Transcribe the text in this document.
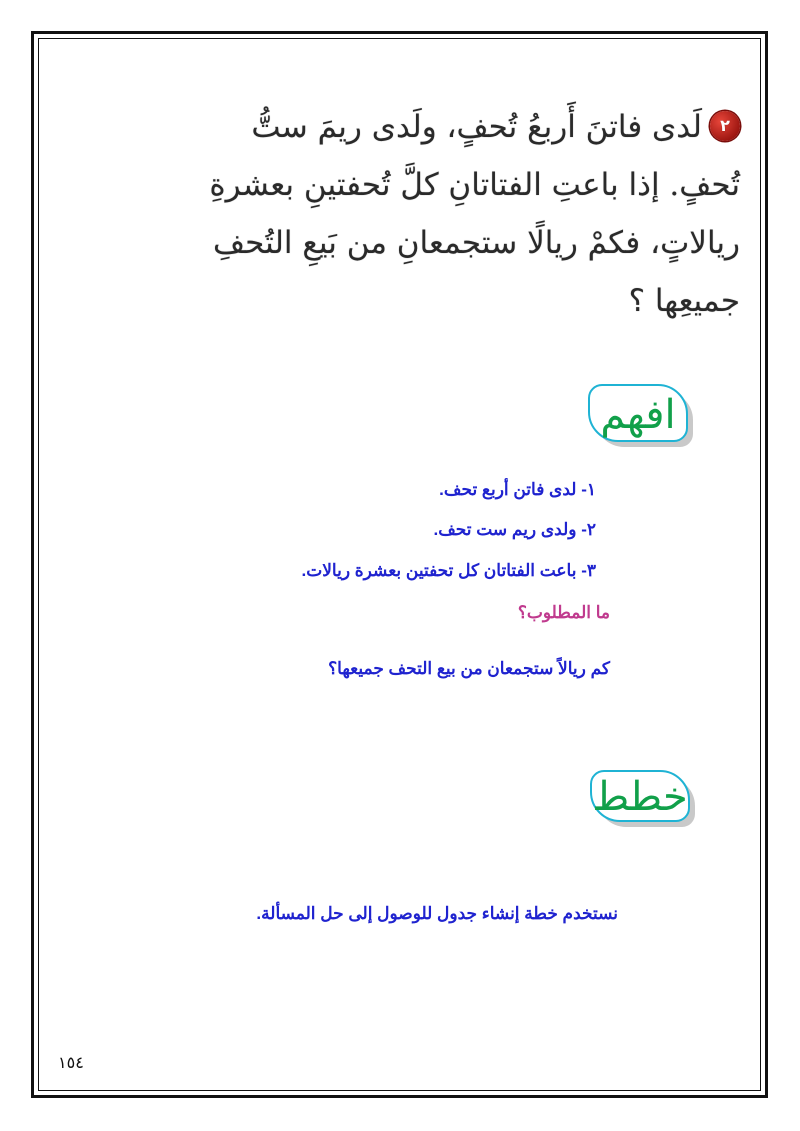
٢لَدى فاتنَ أَربعُ تُحفٍ، ولَدى ريمَ ستُّ
تُحفٍ. إذا باعتِ الفتاتانِ كلَّ تُحفتينِ بعشرةِ
ريالاتٍ، فكمْ ريالًا ستجمعانِ من بَيعِ التُحفِ
جميعِها ؟
افهم
١- لدى فاتن أربع تحف.
٢- ولدى ريم ست تحف.
٣- باعت الفتاتان كل تحفتين بعشرة ريالات.
ما المطلوب؟
كم ريالاً ستجمعان من بيع التحف جميعها؟
خطط
نستخدم خطة إنشاء جدول للوصول إلى حل المسألة.
١٥٤
